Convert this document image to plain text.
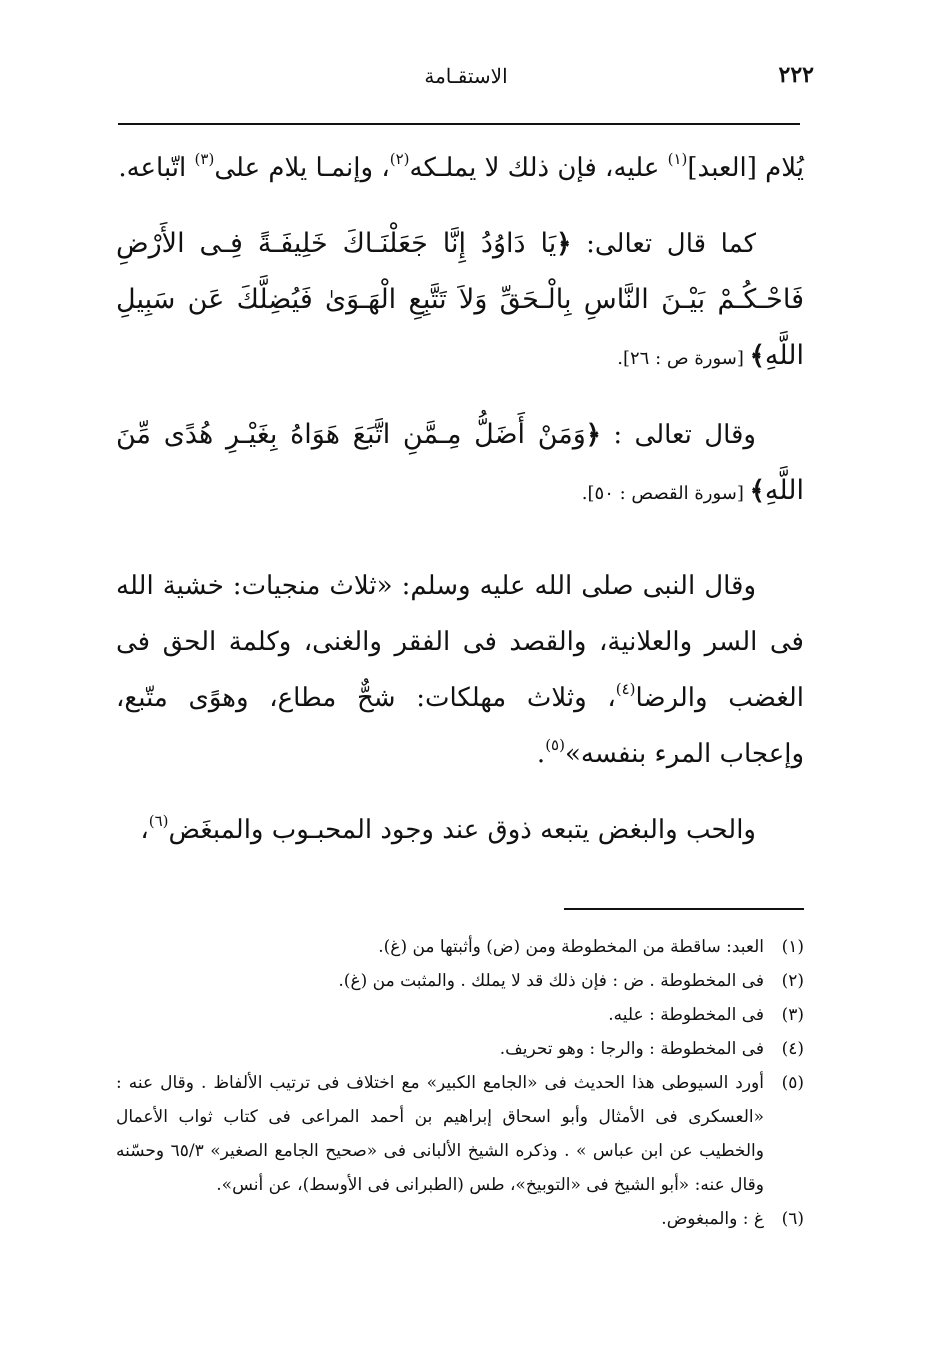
٢٢٢
الاستقـامة

يُلام [العبد]$^{(١)}$ عليه، فإن ذلك لا يملـكه$^{(٢)}$، وإنمـا يلام على$^{(٣)}$ اتّباعه.

كما قال تعالى: ﴿يَا دَاوُدُ إِنَّا جَعَلْنَـاكَ خَلِيفَـةً فِـى الأَرْضِ فَاحْـكُـمْ بَيْـنَ النَّاسِ بِالْـحَقِّ وَلاَ تَتَّبِعِ الْهَـوَىٰ فَيُضِلَّكَ عَن سَبِيلِ اللَّهِ﴾ [سورة ص : ٢٦].

وقال تعالى : ﴿وَمَنْ أَضَلُّ مِـمَّنِ اتَّبَعَ هَوَاهُ بِغَيْـرِ هُدًى مِّنَ اللَّهِ﴾ [سورة القصص : ٥٠].

وقال النبى صلى الله عليه وسلم: «ثلاث منجيات: خشية الله فى السر والعلانية، والقصد فى الفقر والغنى، وكلمة الحق فى الغضب والرضا$^{(٤)}$، وثلاث مهلكات: شحٌّ مطاع، وهوًى متّبع، وإعجاب المرء بنفسه»$^{(٥)}$.

والحب والبغض يتبعه ذوق عند وجود المحبـوب والمبغَض$^{(٦)}$،

(١)
العبد: ساقطة من المخطوطة ومن (ض) وأثبتها من (غ).
(٢)
فى المخطوطة . ض : فإن ذلك قد لا يملك . والمثبت من (غ).
(٣)
فى المخطوطة : عليه.
(٤)
فى المخطوطة : والرجا : وهو تحريف.
(٥)
أورد السيوطى هذا الحديث فى «الجامع الكبير» مع اختلاف فى ترتيب الألفاظ . وقال عنه : «العسكرى فى الأمثال وأبو اسحاق إبراهيم بن أحمد المراعى فى كتاب ثواب الأعمال والخطيب عن ابن عباس » . وذكره الشيخ الألبانى فى «صحيح الجامع الصغير» ٦٥/٣ وحسّنه وقال عنه: «أبو الشيخ فى «التوبيخ»، طس (الطبرانى فى الأوسط)، عن أنس».
(٦)
غ : والمبغوض.
